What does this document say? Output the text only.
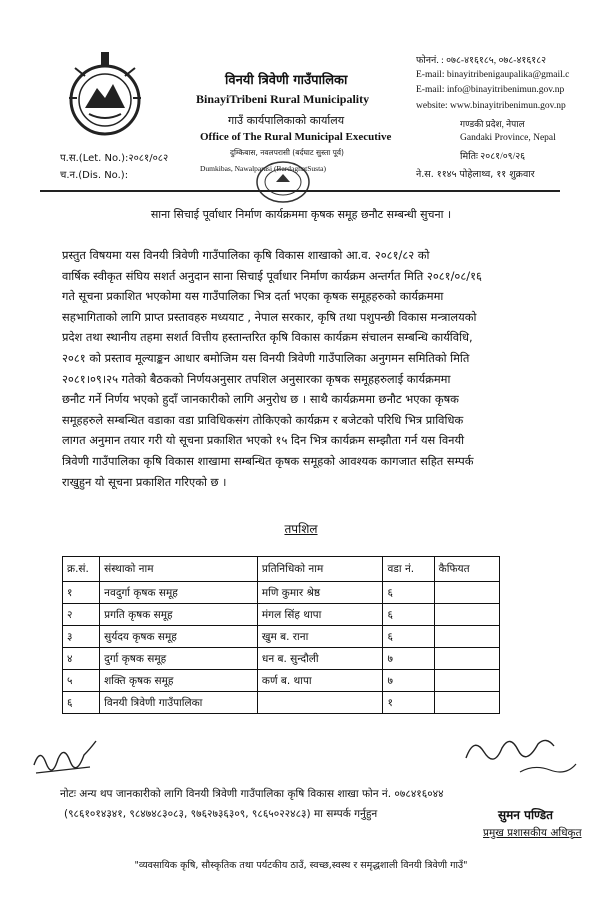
विनयी त्रिवेणी गाउँपालिका
BinayiTribeni Rural Municipality
गाउँ कार्यपालिकाको कार्यालय
Office of The Rural Municipal Executive
दुम्किबास, नवलपरासी (बर्दघाट सुस्ता पूर्व)
Dumkibas, Nawalparasi (BardaghatSusta)
प.स.(Let. No.):२०८१/०८२
च.न.(Dis. No.):
फोननं. : ०७८-४१६१८५, ०७८-४१६१८२
E-mail: binayitribenigaupalika@gmail.c
E-mail: info@binayitribenimun.gov.np
website: www.binayitribenimun.gov.np
गण्डकी प्रदेश, नेपाल
Gandaki Province, Nepal
मितिः २०८१/०९/२६
ने.स. ११४५ पोहेलाथ्व, ११ शुक्रवार
साना सिचाई पूर्वाधार निर्माण कार्यक्रममा कृषक समूह छनौट सम्बन्धी सुचना ।
प्रस्तुत विषयमा यस विनयी त्रिवेणी गाउँपालिका कृषि विकास शाखाको आ.व. २०८१/८२ को
वार्षिक स्वीकृत संघिय सशर्त अनुदान साना सिचाई पूर्वाधार निर्माण कार्यक्रम अन्तर्गत मिति २०८१/०८/१६
गते सूचना प्रकाशित भएकोमा यस गाउँपालिका भित्र दर्ता भएका कृषक समूहहरुको कार्यक्रममा
सहभागिताको लागि प्राप्त प्रस्तावहरु मध्ययाट , नेपाल सरकार, कृषि तथा पशुपन्छी विकास मन्त्रालयको
प्रदेश तथा स्थानीय तहमा सशर्त वित्तीय हस्तान्तरित कृषि विकास कार्यक्रम संचालन सम्बन्धि कार्यविधि,
२०८१ को प्रस्ताव मूल्याङ्कन आधार बमोजिम यस विनयी त्रिवेणी गाउँपालिका अनुगमन समितिको मिति
२०८१।०९।२५ गतेको बैठकको निर्णयअनुसार तपशिल अनुसारका कृषक समूहहरुलाई कार्यक्रममा
छनौट गर्ने निर्णय भएको हुदाँ जानकारीको लागि अनुरोध छ । साथै कार्यक्रममा छनौट भएका कृषक
समूहहरुले सम्बन्धित वडाका वडा प्राविधिकसंग तोकिएको कार्यक्रम र बजेटको परिधि भित्र प्राविधिक
लागत अनुमान तयार गरी यो सूचना प्रकाशित भएको १५ दिन भित्र कार्यक्रम सम्झौता गर्न यस विनयी
त्रिवेणी गाउँपालिका कृषि विकास शाखामा सम्बन्धित कृषक समूहको आवश्यक कागजात सहित सम्पर्क
राखुहुन यो सूचना प्रकाशित गरिएको छ ।
तपशिल
क्र.सं.	संस्थाको नाम	प्रतिनिधिको नाम	वडा नं.	कैफियत
१	नवदुर्गा कृषक समूह	मणि कुमार श्रेष्ठ	६	
२	प्रगति कृषक समूह	मंगल सिंह थापा	६	
३	सुर्यदय कृषक समूह	खुम ब. राना	६	
४	दुर्गा कृषक समूह	धन ब. सुन्दौली	७	
५	शक्ति कृषक समूह	कर्ण ब. थापा	७	
६	विनयी त्रिवेणी गाउँपालिका		१	
नोटः अन्य थप जानकारीको लागि विनयी त्रिवेणी गाउँपालिका कृषि विकास शाखा फोन नं. ०७८४१६०४४
(९८६१०१४३४१, ९८४७४८३०८३, ९७६२७३६३०९, ९८६५०२२४८३) मा सम्पर्क गर्नुहुन	सुमन पण्डित
प्रमुख प्रशासकीय अधिकृत
"व्यवसायिक कृषि, सौस्कृतिक तथा पर्यटकीय ठाउँ, स्वच्छ,स्वस्थ र समृद्धशाली विनयी त्रिवेणी गाउँ"
